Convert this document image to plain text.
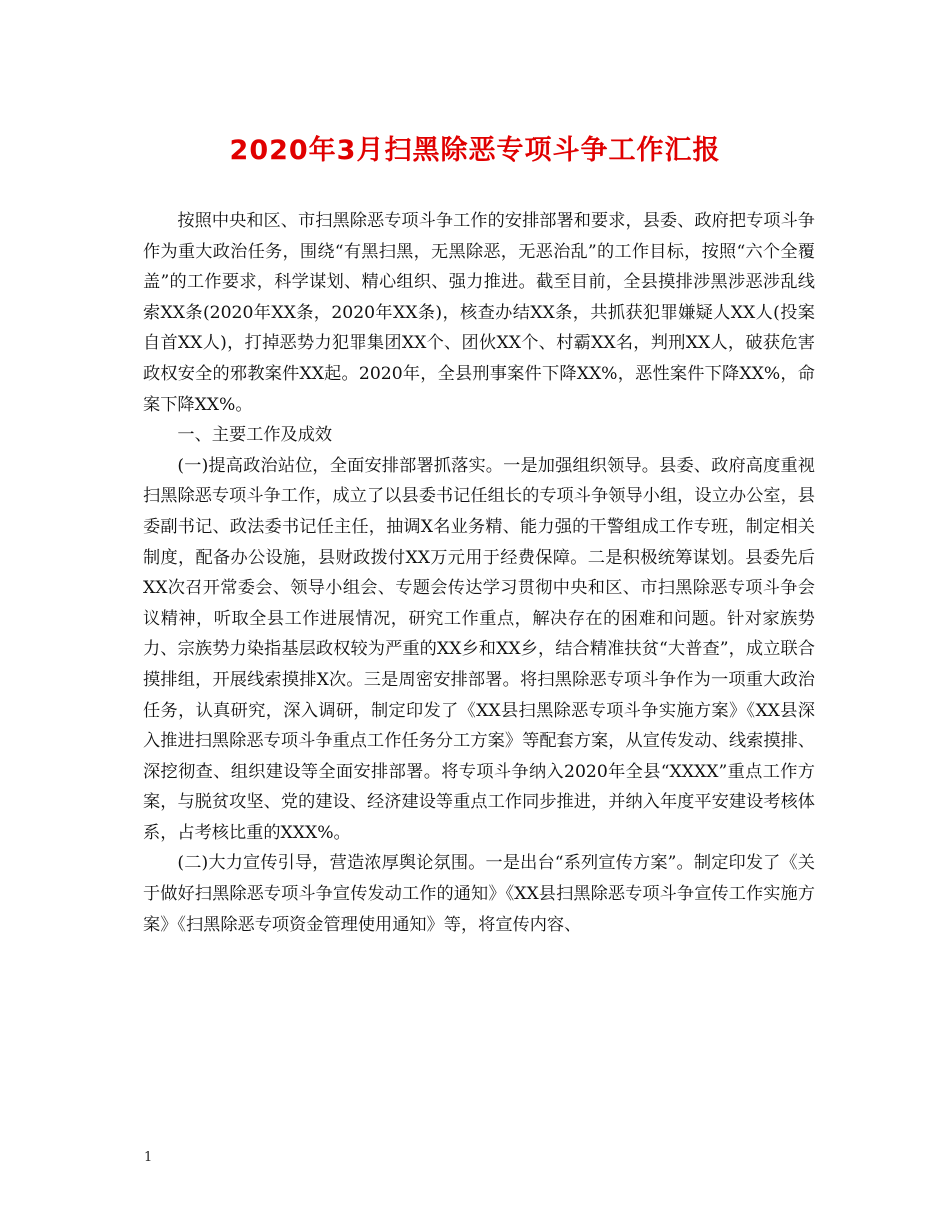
2020年3月扫黑除恶专项斗争工作汇报

按照中央和区、市扫黑除恶专项斗争工作的安排部署和要求，县委、政府把专项斗争作为重大政治任务，围绕“有黑扫黑，无黑除恶，无恶治乱”的工作目标，按照“六个全覆盖”的工作要求，科学谋划、精心组织、强力推进。截至目前，全县摸排涉黑涉恶涉乱线索XX条(2020年XX条，2020年XX条)，核查办结XX条，共抓获犯罪嫌疑人XX人(投案自首XX人)，打掉恶势力犯罪集团XX个、团伙XX个、村霸XX名，判刑XX人，破获危害政权安全的邪教案件XX起。2020年，全县刑事案件下降XX%，恶性案件下降XX%，命案下降XX%。

一、主要工作及成效

(一)提高政治站位，全面安排部署抓落实。一是加强组织领导。县委、政府高度重视扫黑除恶专项斗争工作，成立了以县委书记任组长的专项斗争领导小组，设立办公室，县委副书记、政法委书记任主任，抽调X名业务精、能力强的干警组成工作专班，制定相关制度，配备办公设施，县财政拨付XX万元用于经费保障。二是积极统筹谋划。县委先后XX次召开常委会、领导小组会、专题会传达学习贯彻中央和区、市扫黑除恶专项斗争会议精神，听取全县工作进展情况，研究工作重点，解决存在的困难和问题。针对家族势力、宗族势力染指基层政权较为严重的XX乡和XX乡，结合精准扶贫“大普查”，成立联合摸排组，开展线索摸排X次。三是周密安排部署。将扫黑除恶专项斗争作为一项重大政治任务，认真研究，深入调研，制定印发了《XX县扫黑除恶专项斗争实施方案》《XX县深入推进扫黑除恶专项斗争重点工作任务分工方案》等配套方案，从宣传发动、线索摸排、深挖彻查、组织建设等全面安排部署。将专项斗争纳入2020年全县“XXXX”重点工作方案，与脱贫攻坚、党的建设、经济建设等重点工作同步推进，并纳入年度平安建设考核体系，占考核比重的XXX%。

(二)大力宣传引导，营造浓厚舆论氛围。一是出台“系列宣传方案”。制定印发了《关于做好扫黑除恶专项斗争宣传发动工作的通知》《XX县扫黑除恶专项斗争宣传工作实施方案》《扫黑除恶专项资金管理使用通知》等，将宣传内容、

1
